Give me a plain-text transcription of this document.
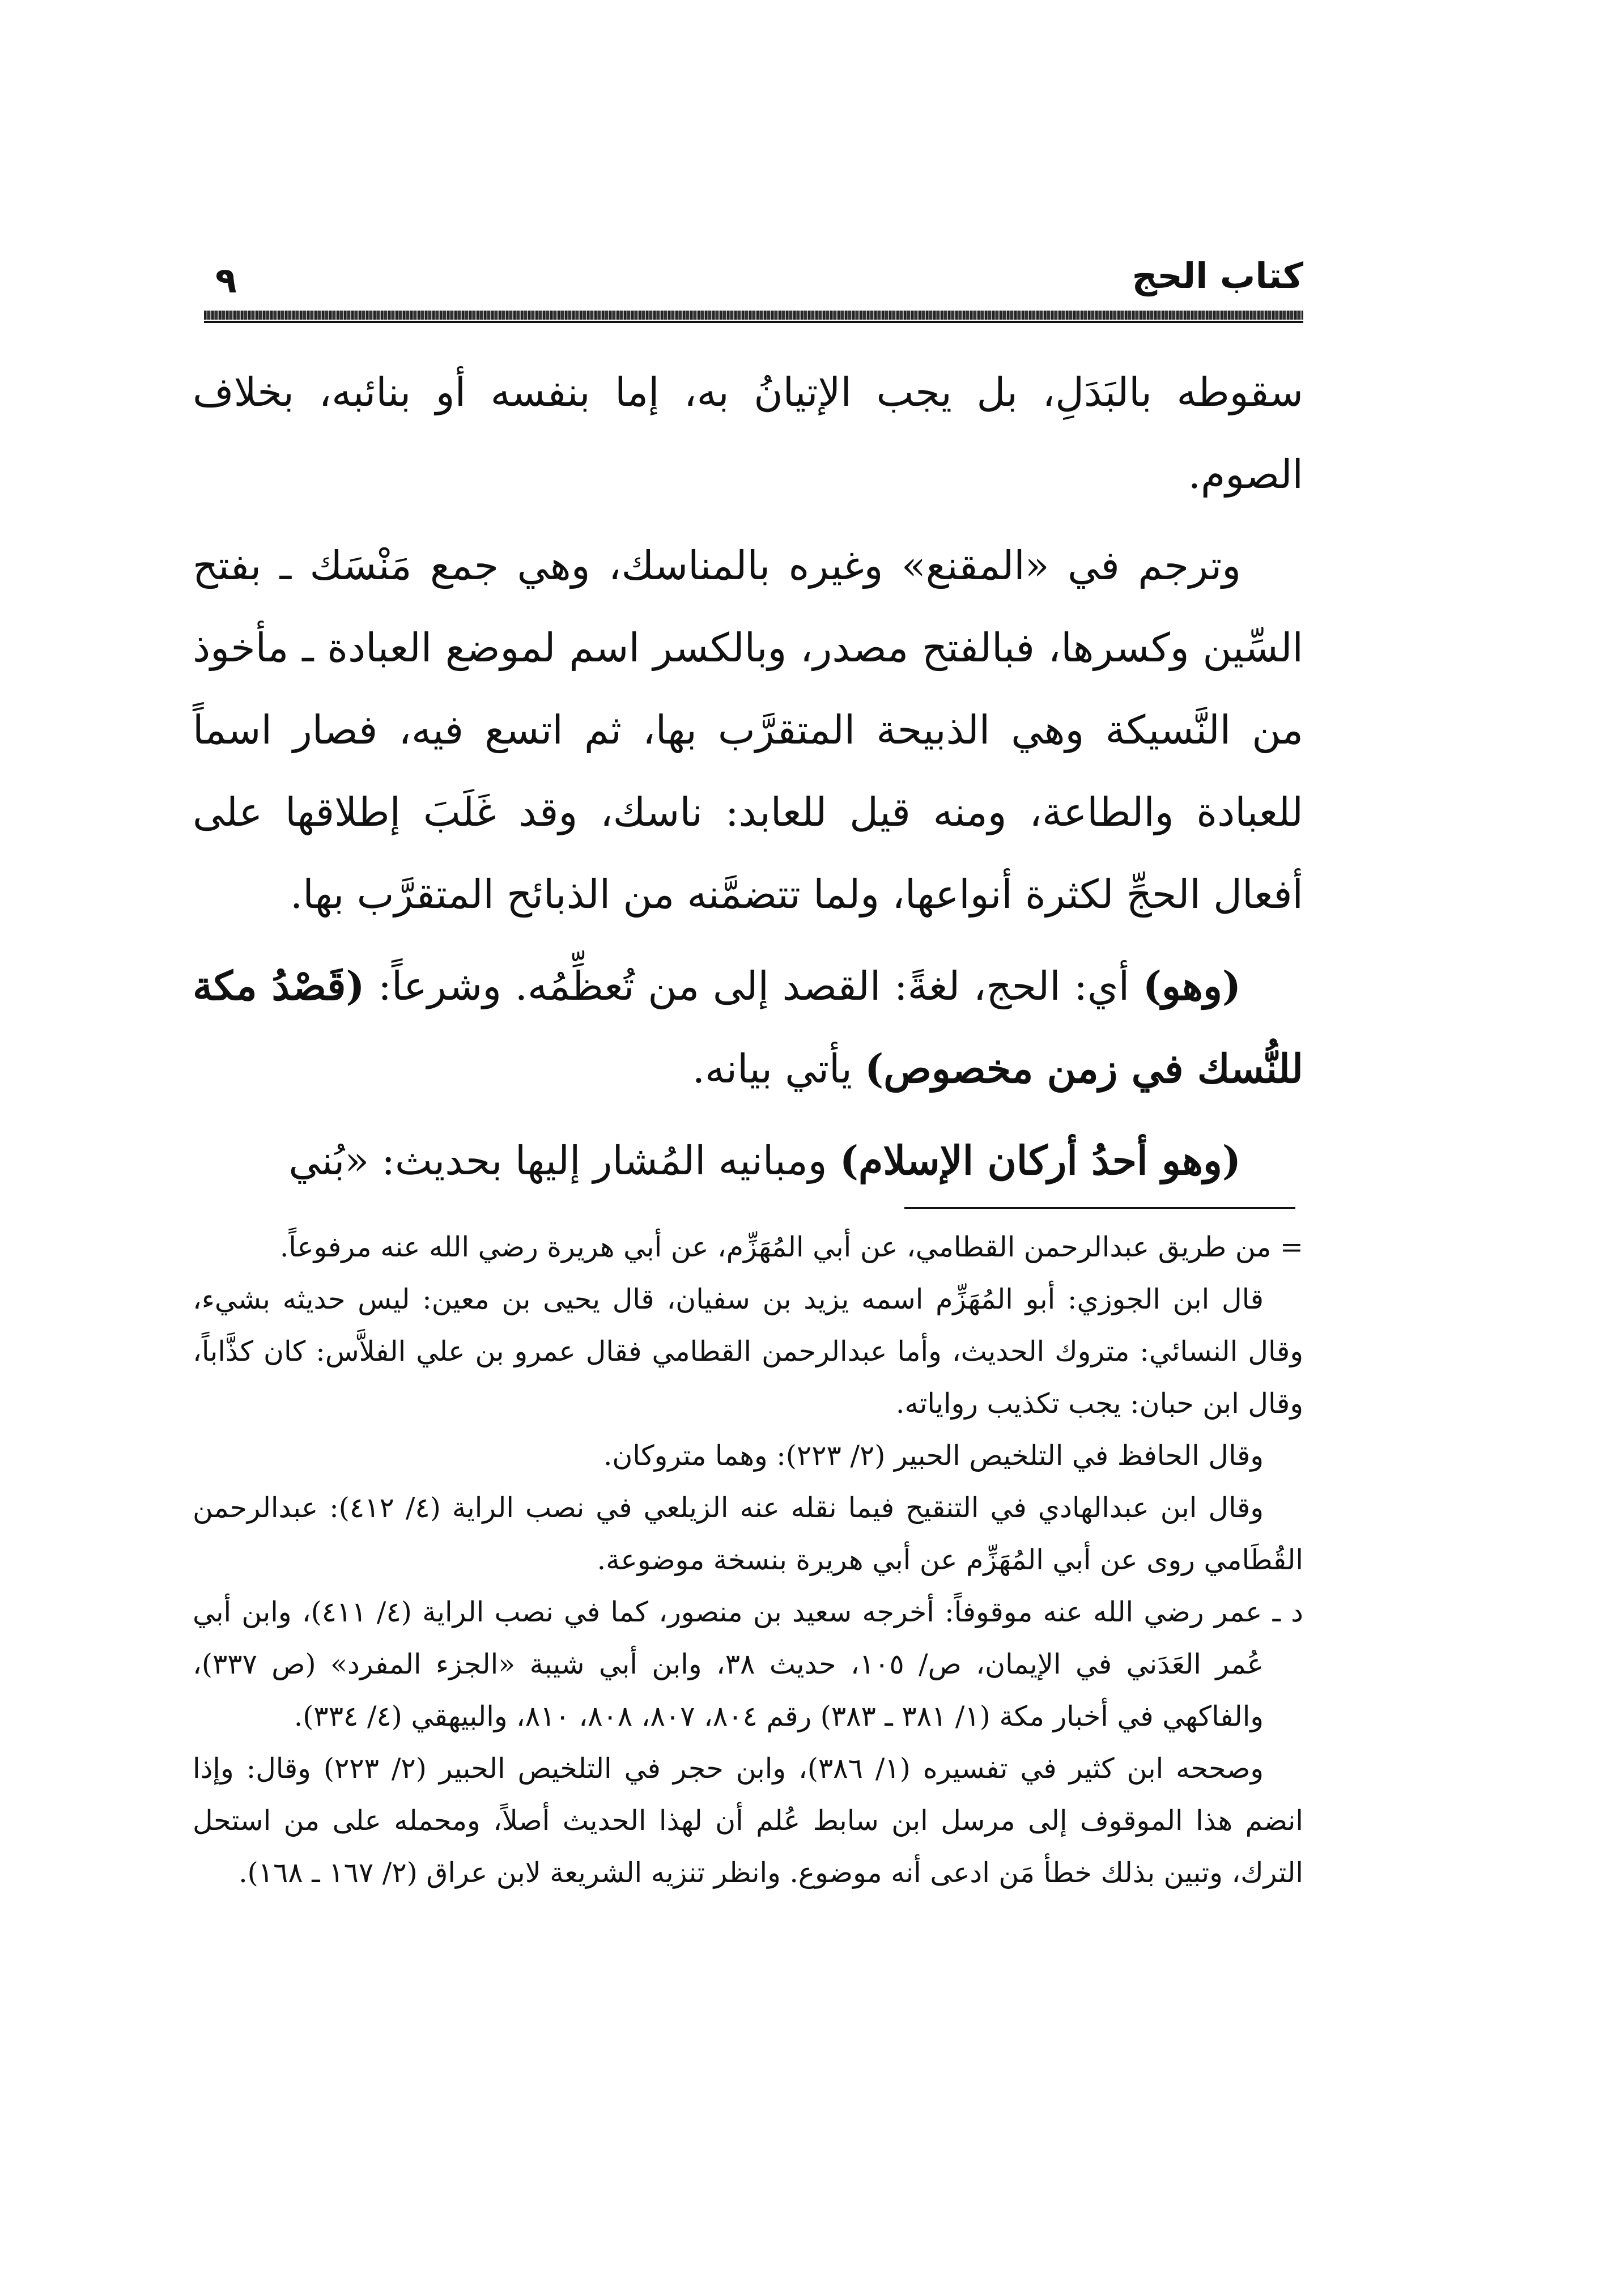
كتاب الحج
٩

سقوطه بالبَدَلِ، بل يجب الإتيانُ به، إما بنفسه أو بنائبه، بخلاف الصوم.

وترجم في «المقنع» وغيره بالمناسك، وهي جمع مَنْسَك ـ بفتح السِّين وكسرها، فبالفتح مصدر، وبالكسر اسم لموضع العبادة ـ مأخوذ من النَّسيكة وهي الذبيحة المتقرَّب بها، ثم اتسع فيه، فصار اسماً للعبادة والطاعة، ومنه قيل للعابد: ناسك، وقد غَلَبَ إطلاقها على أفعال الحجِّ لكثرة أنواعها، ولما تتضمَّنه من الذبائح المتقرَّب بها.

(وهو) أي: الحج، لغةً: القصد إلى من تُعظِّمُه. وشرعاً: (قَصْدُ مكة للنُّسك في زمن مخصوص) يأتي بيانه.

(وهو أحدُ أركان الإسلام) ومبانيه المُشار إليها بحديث: «بُني

= من طريق عبدالرحمن القطامي، عن أبي المُهَزِّم، عن أبي هريرة رضي الله عنه مرفوعاً.

قال ابن الجوزي: أبو المُهَزِّم اسمه يزيد بن سفيان، قال يحيى بن معين: ليس حديثه بشيء، وقال النسائي: متروك الحديث، وأما عبدالرحمن القطامي فقال عمرو بن علي الفلاَّس: كان كذَّاباً، وقال ابن حبان: يجب تكذيب رواياته.

وقال الحافظ في التلخيص الحبير (٢/ ٢٢٣): وهما متروكان.

وقال ابن عبدالهادي في التنقيح فيما نقله عنه الزيلعي في نصب الراية (٤/ ٤١٢): عبدالرحمن القُطَامي روى عن أبي المُهَزِّم عن أبي هريرة بنسخة موضوعة.

د ـ عمر رضي الله عنه موقوفاً: أخرجه سعيد بن منصور، كما في نصب الراية (٤/ ٤١١)، وابن أبي عُمر العَدَني في الإيمان، ص/ ١٠٥، حديث ٣٨، وابن أبي شيبة «الجزء المفرد» (ص ٣٣٧)، والفاكهي في أخبار مكة (١/ ٣٨١ ـ ٣٨٣) رقم ٨٠٤، ٨٠٧، ٨٠٨، ٨١٠، والبيهقي (٤/ ٣٣٤).

وصححه ابن كثير في تفسيره (١/ ٣٨٦)، وابن حجر في التلخيص الحبير (٢/ ٢٢٣) وقال: وإذا انضم هذا الموقوف إلى مرسل ابن سابط عُلم أن لهذا الحديث أصلاً، ومحمله على من استحل الترك، وتبين بذلك خطأ مَن ادعى أنه موضوع. وانظر تنزيه الشريعة لابن عراق (٢/ ١٦٧ ـ ١٦٨).
